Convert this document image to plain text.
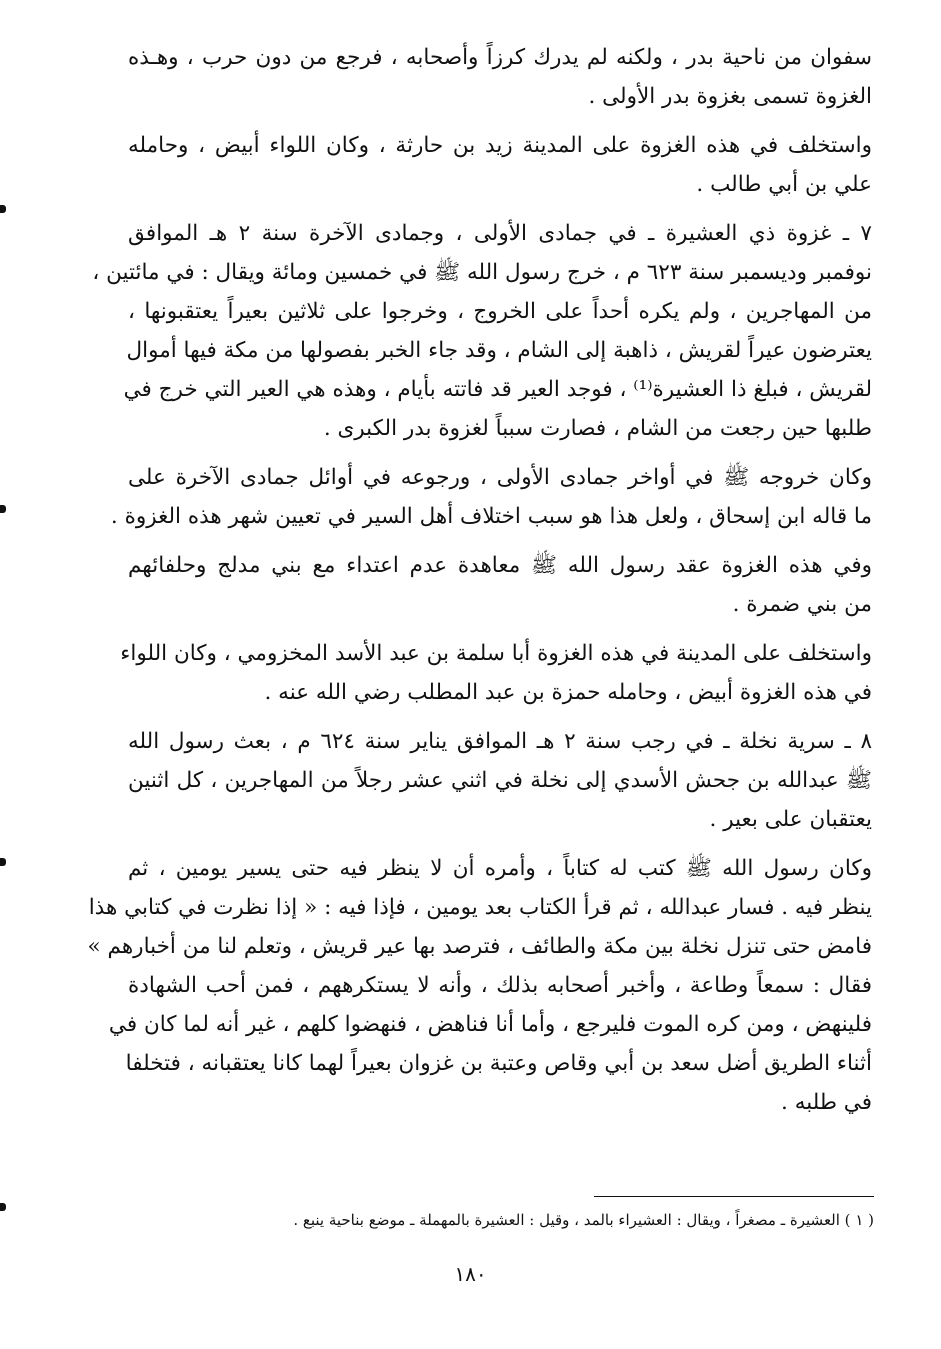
سفوان من ناحية بدر ، ولكنه لم يدرك كرزاً وأصحابه ، فرجع من دون حرب ، وهـذه
الغزوة تسمى بغزوة بدر الأولى .
واستخلف في هذه الغزوة على المدينة زيد بن حارثة ، وكان اللواء أبيض ، وحامله
علي بن أبي طالب .
٧ ـ غزوة ذي العشيرة ـ في جمادى الأولى ، وجمادى الآخرة سنة ٢ هـ الموافق
نوفمبر وديسمبر سنة ٦٢٣ م ، خرج رسول الله ﷺ في خمسين ومائة ويقال : في مائتين ،
من المهاجرين ، ولم يكره أحداً على الخروج ، وخرجوا على ثلاثين بعيراً يعتقبونها ،
يعترضون عيراً لقريش ، ذاهبة إلى الشام ، وقد جاء الخبر بفصولها من مكة فيها أموال
لقريش ، فبلغ ذا العشيرة⁽¹⁾ ، فوجد العير قد فاتته بأيام ، وهذه هي العير التي خرج في
طلبها حين رجعت من الشام ، فصارت سبباً لغزوة بدر الكبرى .
وكان خروجه ﷺ في أواخر جمادى الأولى ، ورجوعه في أوائل جمادى الآخرة على
ما قاله ابن إسحاق ، ولعل هذا هو سبب اختلاف أهل السير في تعيين شهر هذه الغزوة .
وفي هذه الغزوة عقد رسول الله ﷺ معاهدة عدم اعتداء مع بني مدلج وحلفائهم
من بني ضمرة .
واستخلف على المدينة في هذه الغزوة أبا سلمة بن عبد الأسد المخزومي ، وكان اللواء
في هذه الغزوة أبيض ، وحامله حمزة بن عبد المطلب رضي الله عنه .
٨ ـ سرية نخلة ـ في رجب سنة ٢ هـ الموافق يناير سنة ٦٢٤ م ، بعث رسول الله
ﷺ عبدالله بن جحش الأسدي إلى نخلة في اثني عشر رجلاً من المهاجرين ، كل اثنين
يعتقبان على بعير .
وكان رسول الله ﷺ كتب له كتاباً ، وأمره أن لا ينظر فيه حتى يسير يومين ، ثم
ينظر فيه . فسار عبدالله ، ثم قرأ الكتاب بعد يومين ، فإذا فيه : « إذا نظرت في كتابي هذا
فامض حتى تنزل نخلة بين مكة والطائف ، فترصد بها عير قريش ، وتعلم لنا من أخبارهم »
فقال : سمعاً وطاعة ، وأخبر أصحابه بذلك ، وأنه لا يستكرههم ، فمن أحب الشهادة
فلينهض ، ومن كره الموت فليرجع ، وأما أنا فناهض ، فنهضوا كلهم ، غير أنه لما كان في
أثناء الطريق أضل سعد بن أبي وقاص وعتبة بن غزوان بعيراً لهما كانا يعتقبانه ، فتخلفا
في طلبه .
( ١ ) العشيرة ـ مصغراً ، ويقال : العشيراء بالمد ، وقيل : العشيرة بالمهملة ـ موضع بناحية ينبع .
١٨٠
